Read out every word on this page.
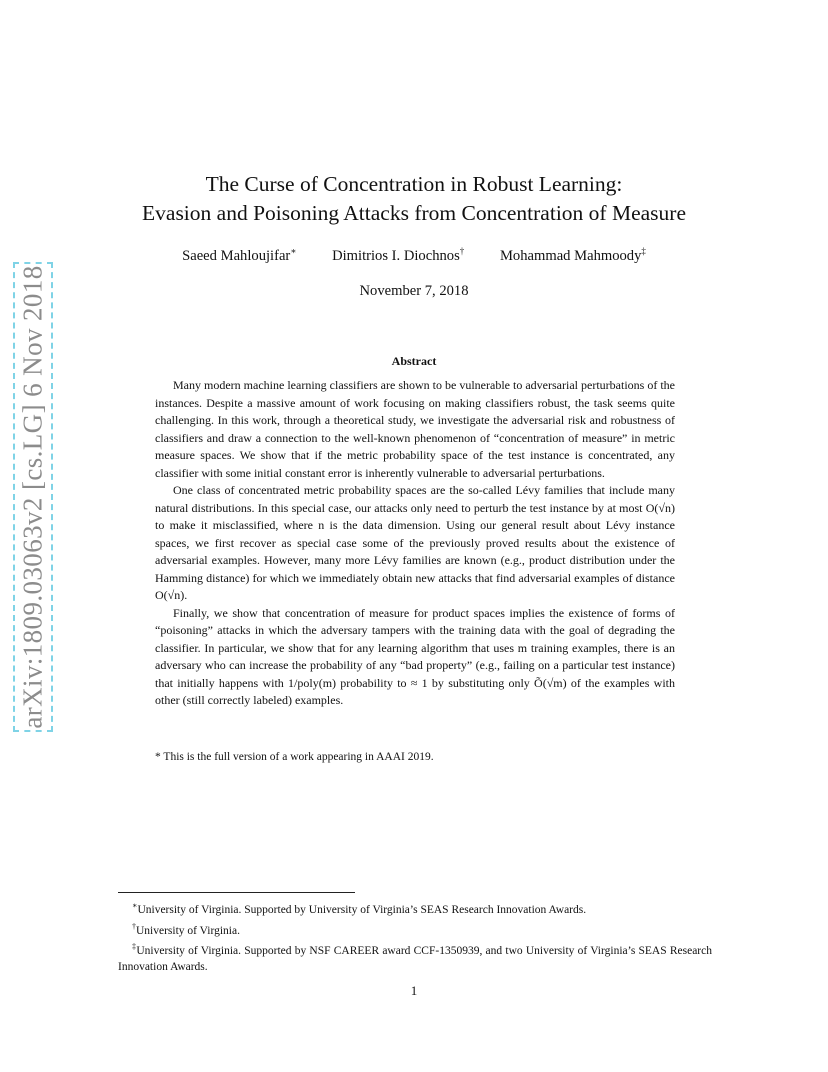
arXiv:1809.03063v2 [cs.LG] 6 Nov 2018
The Curse of Concentration in Robust Learning:
Evasion and Poisoning Attacks from Concentration of Measure
Saeed Mahloujifar∗ Dimitrios I. Diochnos† Mohammad Mahmoody‡
November 7, 2018
Abstract

Many modern machine learning classifiers are shown to be vulnerable to adversarial perturbations of the instances. Despite a massive amount of work focusing on making classifiers robust, the task seems quite challenging. In this work, through a theoretical study, we investigate the adversarial risk and robustness of classifiers and draw a connection to the well-known phenomenon of “concentration of measure” in metric measure spaces. We show that if the metric probability space of the test instance is concentrated, any classifier with some initial constant error is inherently vulnerable to adversarial perturbations.

One class of concentrated metric probability spaces are the so-called Lévy families that include many natural distributions. In this special case, our attacks only need to perturb the test instance by at most O(√n) to make it misclassified, where n is the data dimension. Using our general result about Lévy instance spaces, we first recover as special case some of the previously proved results about the existence of adversarial examples. However, many more Lévy families are known (e.g., product distribution under the Hamming distance) for which we immediately obtain new attacks that find adversarial examples of distance O(√n).

Finally, we show that concentration of measure for product spaces implies the existence of forms of “poisoning” attacks in which the adversary tampers with the training data with the goal of degrading the classifier. In particular, we show that for any learning algorithm that uses m training examples, there is an adversary who can increase the probability of any “bad property” (e.g., failing on a particular test instance) that initially happens with 1/poly(m) probability to ≈ 1 by substituting only Õ(√m) of the examples with other (still correctly labeled) examples.

* This is the full version of a work appearing in AAAI 2019.

∗University of Virginia. Supported by University of Virginia’s SEAS Research Innovation Awards.

†University of Virginia.

‡University of Virginia. Supported by NSF CAREER award CCF-1350939, and two University of Virginia’s SEAS Research Innovation Awards.

1
